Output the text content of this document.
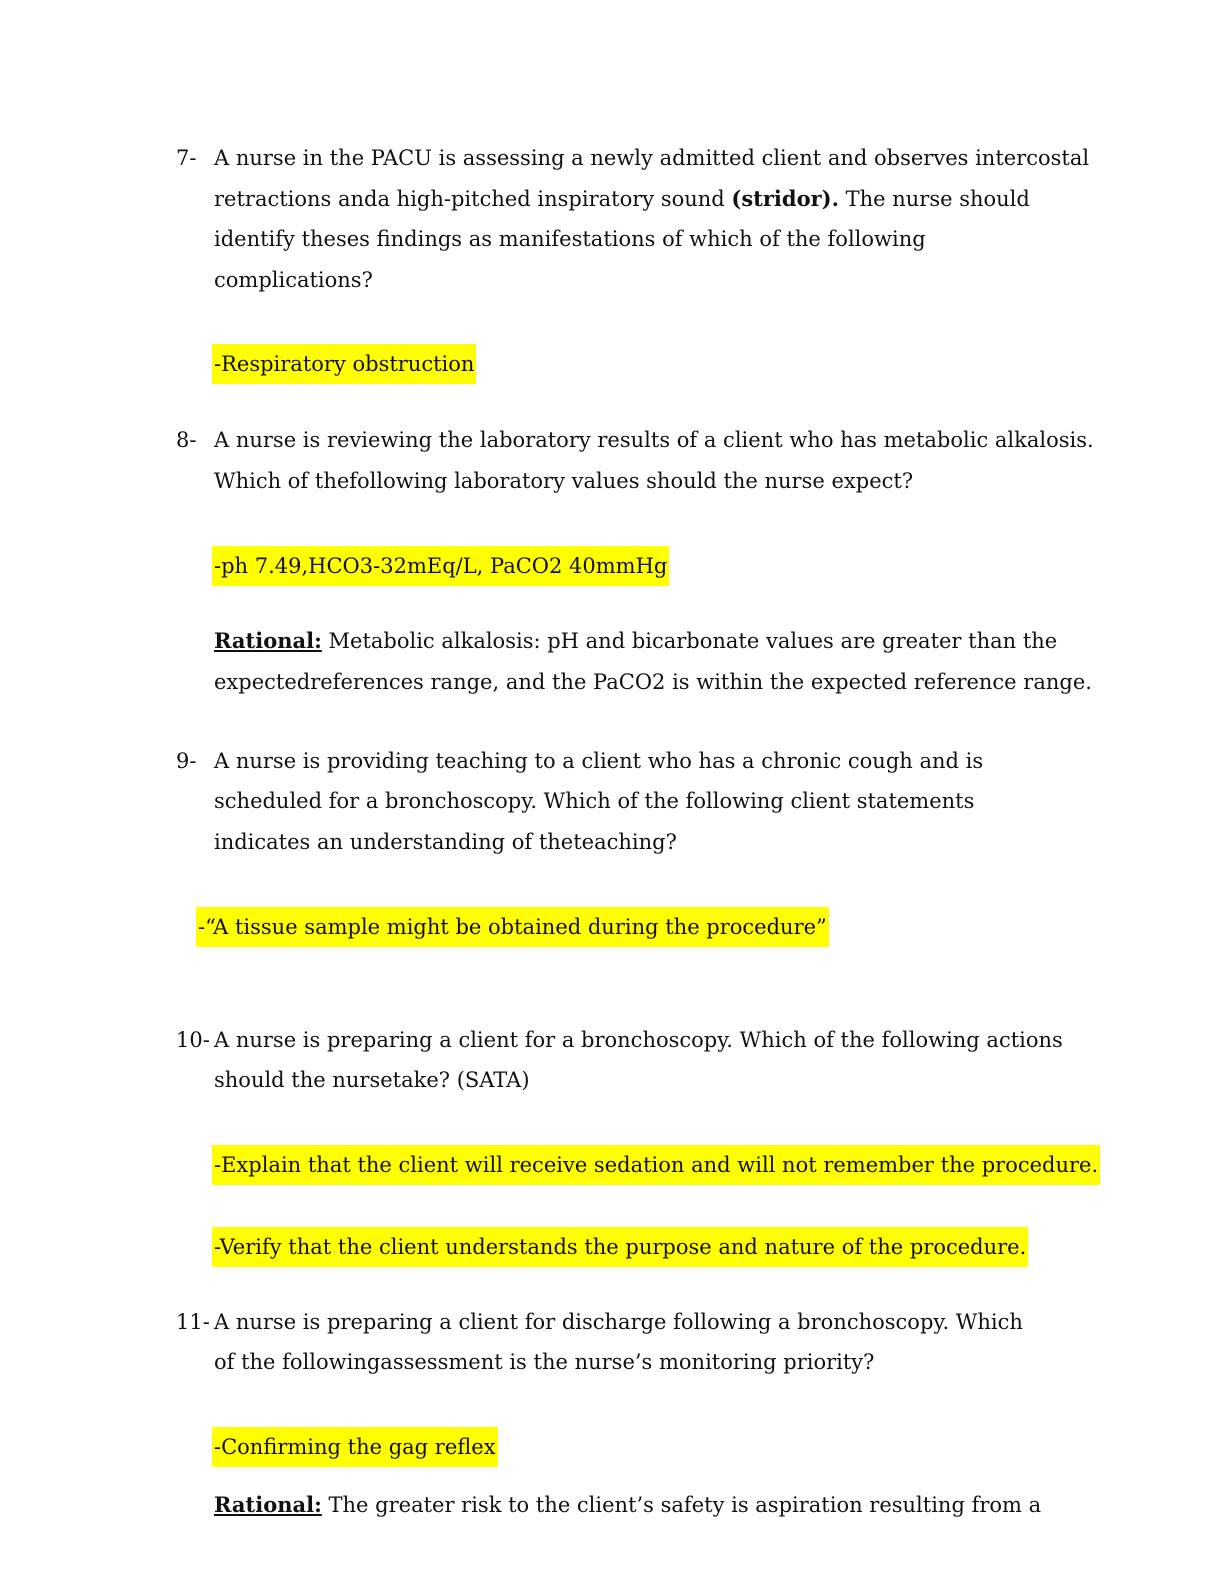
7- A nurse in the PACU is assessing a newly admitted client and observes intercostal
retractions anda high-pitched inspiratory sound (stridor). The nurse should
identify theses findings as manifestations of which of the following
complications?
-Respiratory obstruction
8- A nurse is reviewing the laboratory results of a client who has metabolic alkalosis.
Which of thefollowing laboratory values should the nurse expect?
-ph 7.49,HCO3-32mEq/L, PaCO2 40mmHg
Rational: Metabolic alkalosis: pH and bicarbonate values are greater than the
expectedreferences range, and the PaCO2 is within the expected reference range.
9- A nurse is providing teaching to a client who has a chronic cough and is
scheduled for a bronchoscopy. Which of the following client statements
indicates an understanding of theteaching?
-“A tissue sample might be obtained during the procedure”
10- A nurse is preparing a client for a bronchoscopy. Which of the following actions
should the nursetake? (SATA)
-Explain that the client will receive sedation and will not remember the procedure.
-Verify that the client understands the purpose and nature of the procedure.
11- A nurse is preparing a client for discharge following a bronchoscopy. Which
of the followingassessment is the nurse’s monitoring priority?
-Confirming the gag reflex
Rational: The greater risk to the client’s safety is aspiration resulting from a
